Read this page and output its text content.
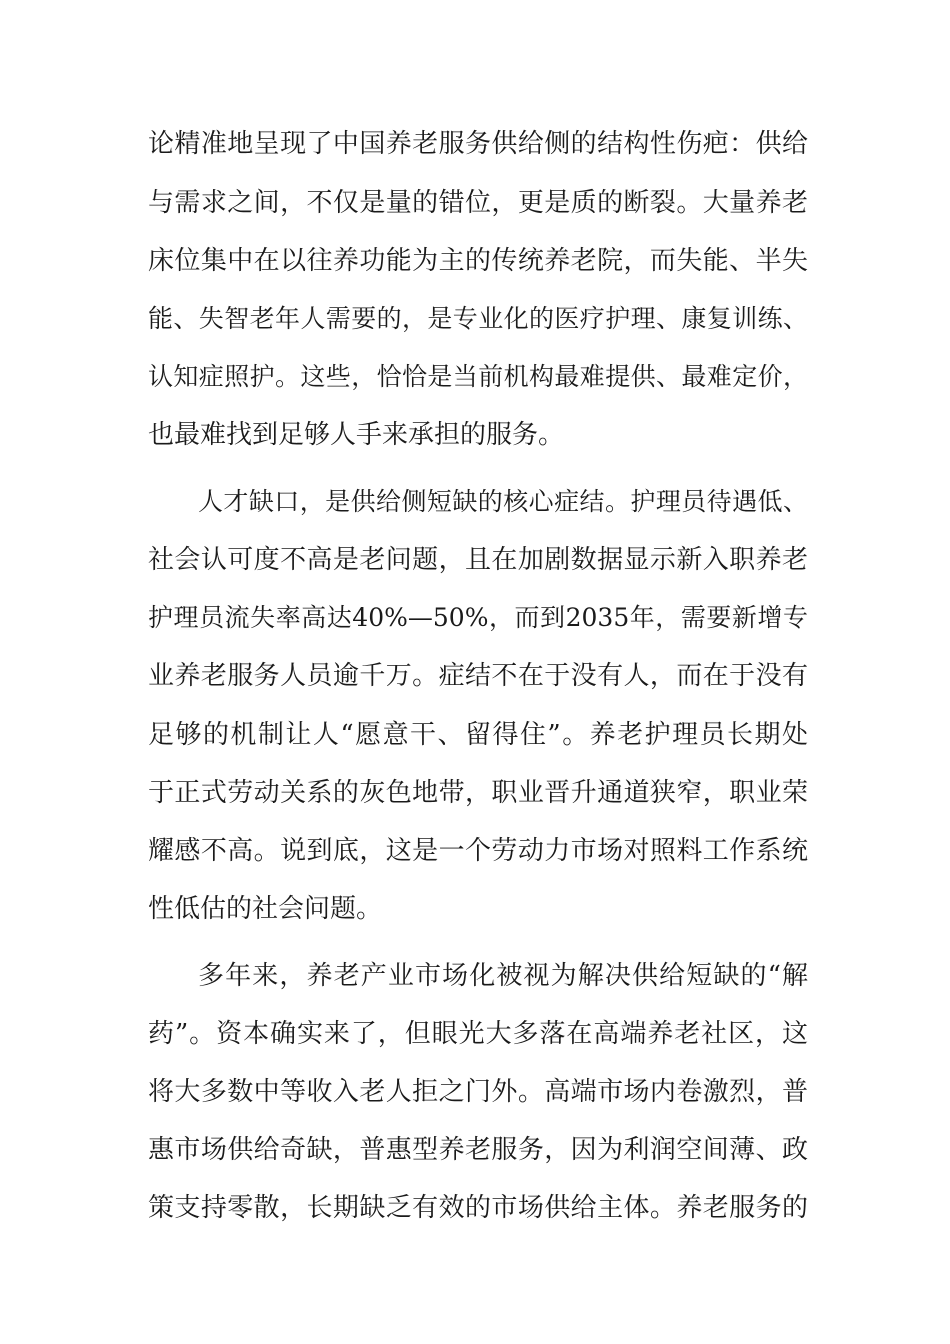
论精准地呈现了中国养老服务供给侧的结构性伤疤：供给
与需求之间，不仅是量的错位，更是质的断裂。大量养老
床位集中在以往养功能为主的传统养老院，而失能、半失
能、失智老年人需要的，是专业化的医疗护理、康复训练、
认知症照护。这些，恰恰是当前机构最难提供、最难定价，
也最难找到足够人手来承担的服务。
人才缺口，是供给侧短缺的核心症结。护理员待遇低、
社会认可度不高是老问题，且在加剧数据显示新入职养老
护理员流失率高达40%—50%，而到2035年，需要新增专
业养老服务人员逾千万。症结不在于没有人，而在于没有
足够的机制让人“愿意干、留得住”。养老护理员长期处
于正式劳动关系的灰色地带，职业晋升通道狭窄，职业荣
耀感不高。说到底，这是一个劳动力市场对照料工作系统
性低估的社会问题。
多年来，养老产业市场化被视为解决供给短缺的“解
药”。资本确实来了，但眼光大多落在高端养老社区，这
将大多数中等收入老人拒之门外。高端市场内卷激烈，普
惠市场供给奇缺，普惠型养老服务，因为利润空间薄、政
策支持零散，长期缺乏有效的市场供给主体。养老服务的
